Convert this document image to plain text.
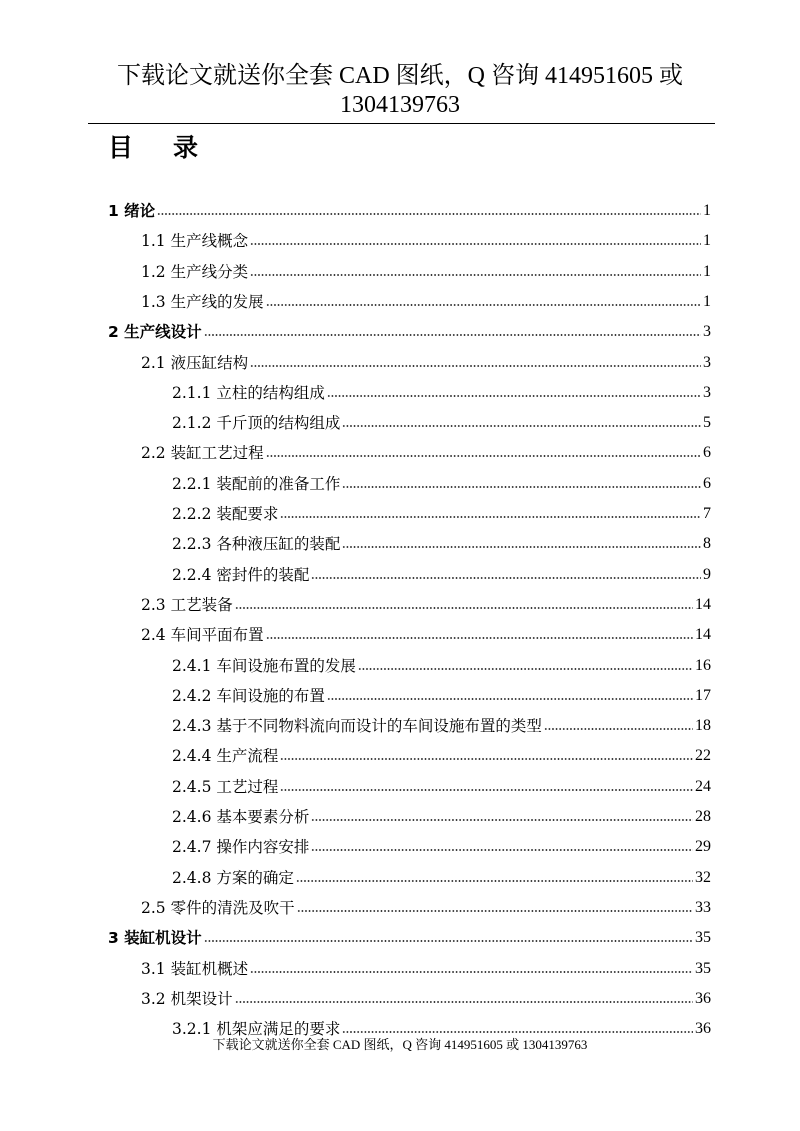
下载论文就送你全套 CAD 图纸，Q 咨询 414951605 或
1304139763
目录
1 绪论	1
1.1 生产线概念	1
1.2 生产线分类	1
1.3 生产线的发展	1
2 生产线设计	3
2.1 液压缸结构	3
2.1.1 立柱的结构组成	3
2.1.2 千斤顶的结构组成	5
2.2 装缸工艺过程	6
2.2.1 装配前的准备工作	6
2.2.2 装配要求	7
2.2.3 各种液压缸的装配	8
2.2.4 密封件的装配	9
2.3 工艺装备	14
2.4 车间平面布置	14
2.4.1 车间设施布置的发展	16
2.4.2 车间设施的布置	17
2.4.3 基于不同物料流向而设计的车间设施布置的类型	18
2.4.4 生产流程	22
2.4.5 工艺过程	24
2.4.6 基本要素分析	28
2.4.7 操作内容安排	29
2.4.8 方案的确定	32
2.5 零件的清洗及吹干	33
3 装缸机设计	35
3.1 装缸机概述	35
3.2 机架设计	36
3.2.1 机架应满足的要求	36
下载论文就送你全套 CAD 图纸，Q 咨询 414951605 或 1304139763
